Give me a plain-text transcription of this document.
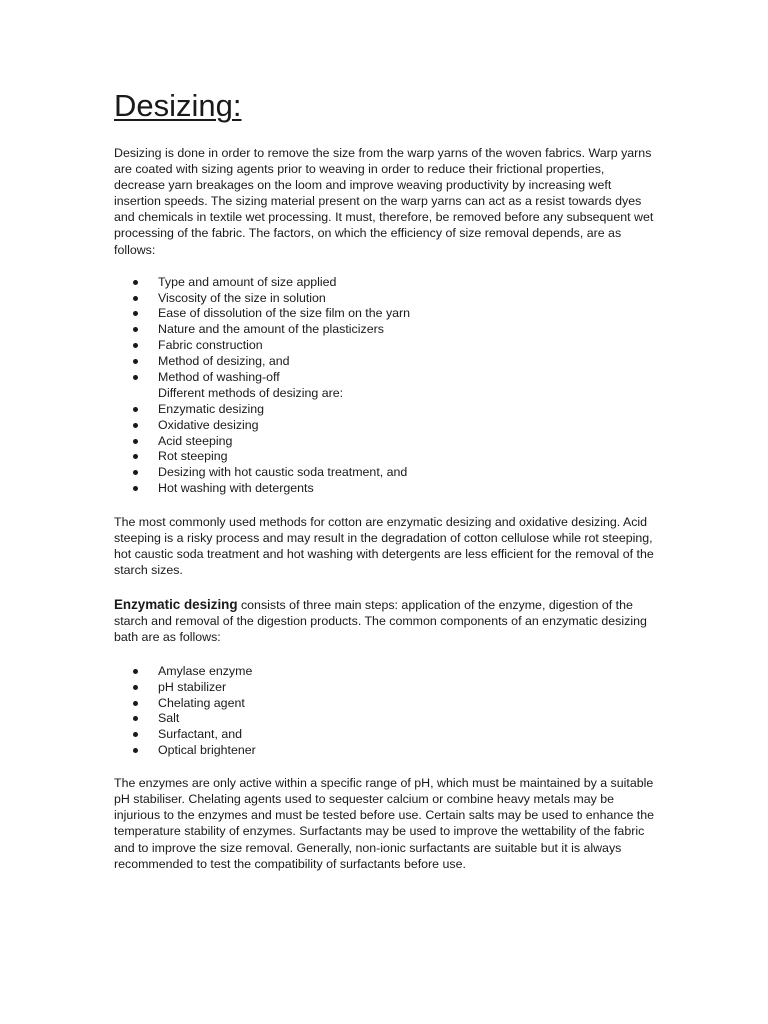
Desizing:

Desizing is done in order to remove the size from the warp yarns of the woven fabrics. Warp yarns are coated with sizing agents prior to weaving in order to reduce their frictional properties, decrease yarn breakages on the loom and improve weaving productivity by increasing weft insertion speeds. The sizing material present on the warp yarns can act as a resist towards dyes and chemicals in textile wet processing. It must, therefore, be removed before any subsequent wet processing of the fabric. The factors, on which the efficiency of size removal depends, are as follows:

Type and amount of size applied
Viscosity of the size in solution
Ease of dissolution of the size film on the yarn
Nature and the amount of the plasticizers
Fabric construction
Method of desizing, and
Method of washing-off
Different methods of desizing are:
Enzymatic desizing
Oxidative desizing
Acid steeping
Rot steeping
Desizing with hot caustic soda treatment, and
Hot washing with detergents

The most commonly used methods for cotton are enzymatic desizing and oxidative desizing. Acid steeping is a risky process and may result in the degradation of cotton cellulose while rot steeping, hot caustic soda treatment and hot washing with detergents are less efficient for the removal of the starch sizes.

Enzymatic desizing consists of three main steps: application of the enzyme, digestion of the starch and removal of the digestion products. The common components of an enzymatic desizing bath are as follows:

Amylase enzyme
pH stabilizer
Chelating agent
Salt
Surfactant, and
Optical brightener

The enzymes are only active within a specific range of pH, which must be maintained by a suitable pH stabiliser. Chelating agents used to sequester calcium or combine heavy metals may be injurious to the enzymes and must be tested before use. Certain salts may be used to enhance the temperature stability of enzymes. Surfactants may be used to improve the wettability of the fabric and to improve the size removal. Generally, non-ionic surfactants are suitable but it is always recommended to test the compatibility of surfactants before use.
